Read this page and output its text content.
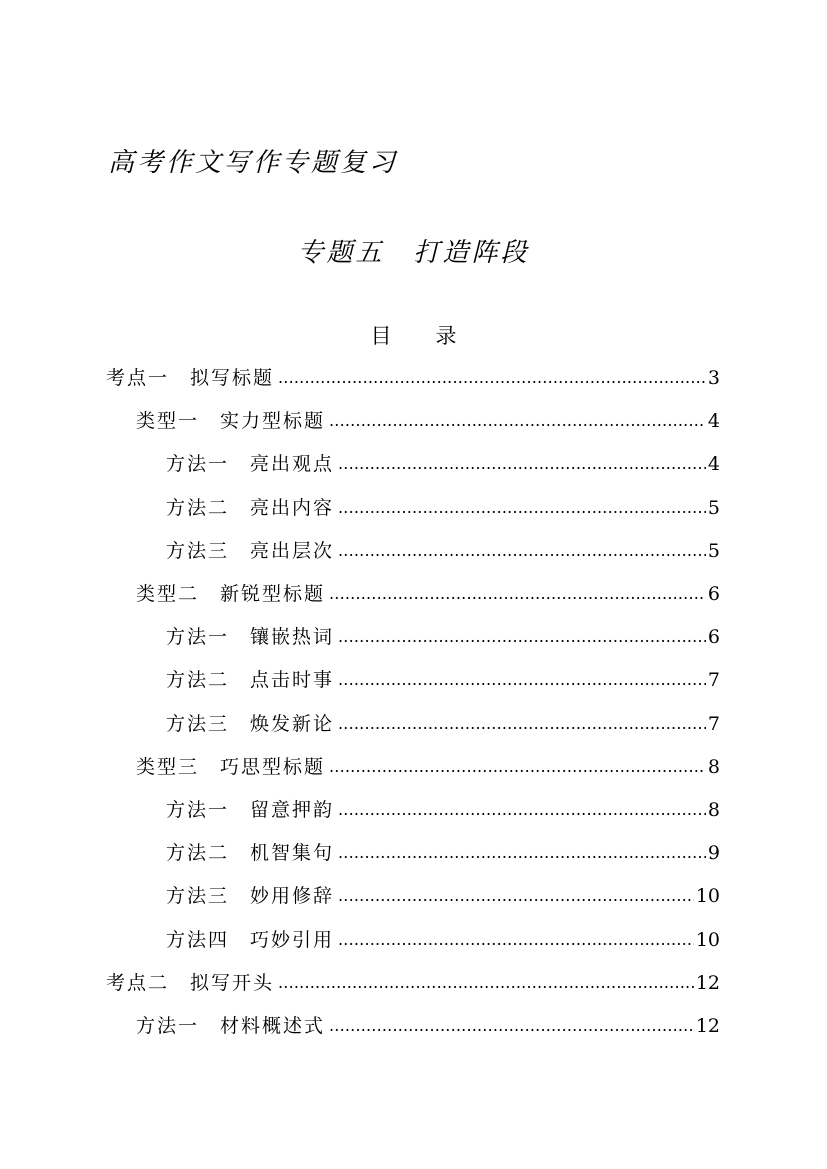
高考作文写作专题复习
专题五　打造阵段
目录
考点一　拟写标题 .....	3
类型一　实力型标题 .....	4
方法一　亮出观点 .....	4
方法二　亮出内容 .....	5
方法三　亮出层次 .....	5
类型二　新锐型标题 .....	6
方法一　镶嵌热词 .....	6
方法二　点击时事 .....	7
方法三　焕发新论 .....	7
类型三　巧思型标题 .....	8
方法一　留意押韵 .....	8
方法二　机智集句 .....	9
方法三　妙用修辞 .....	10
方法四　巧妙引用 .....	10
考点二　拟写开头 .....	12
方法一　材料概述式 .....	12
